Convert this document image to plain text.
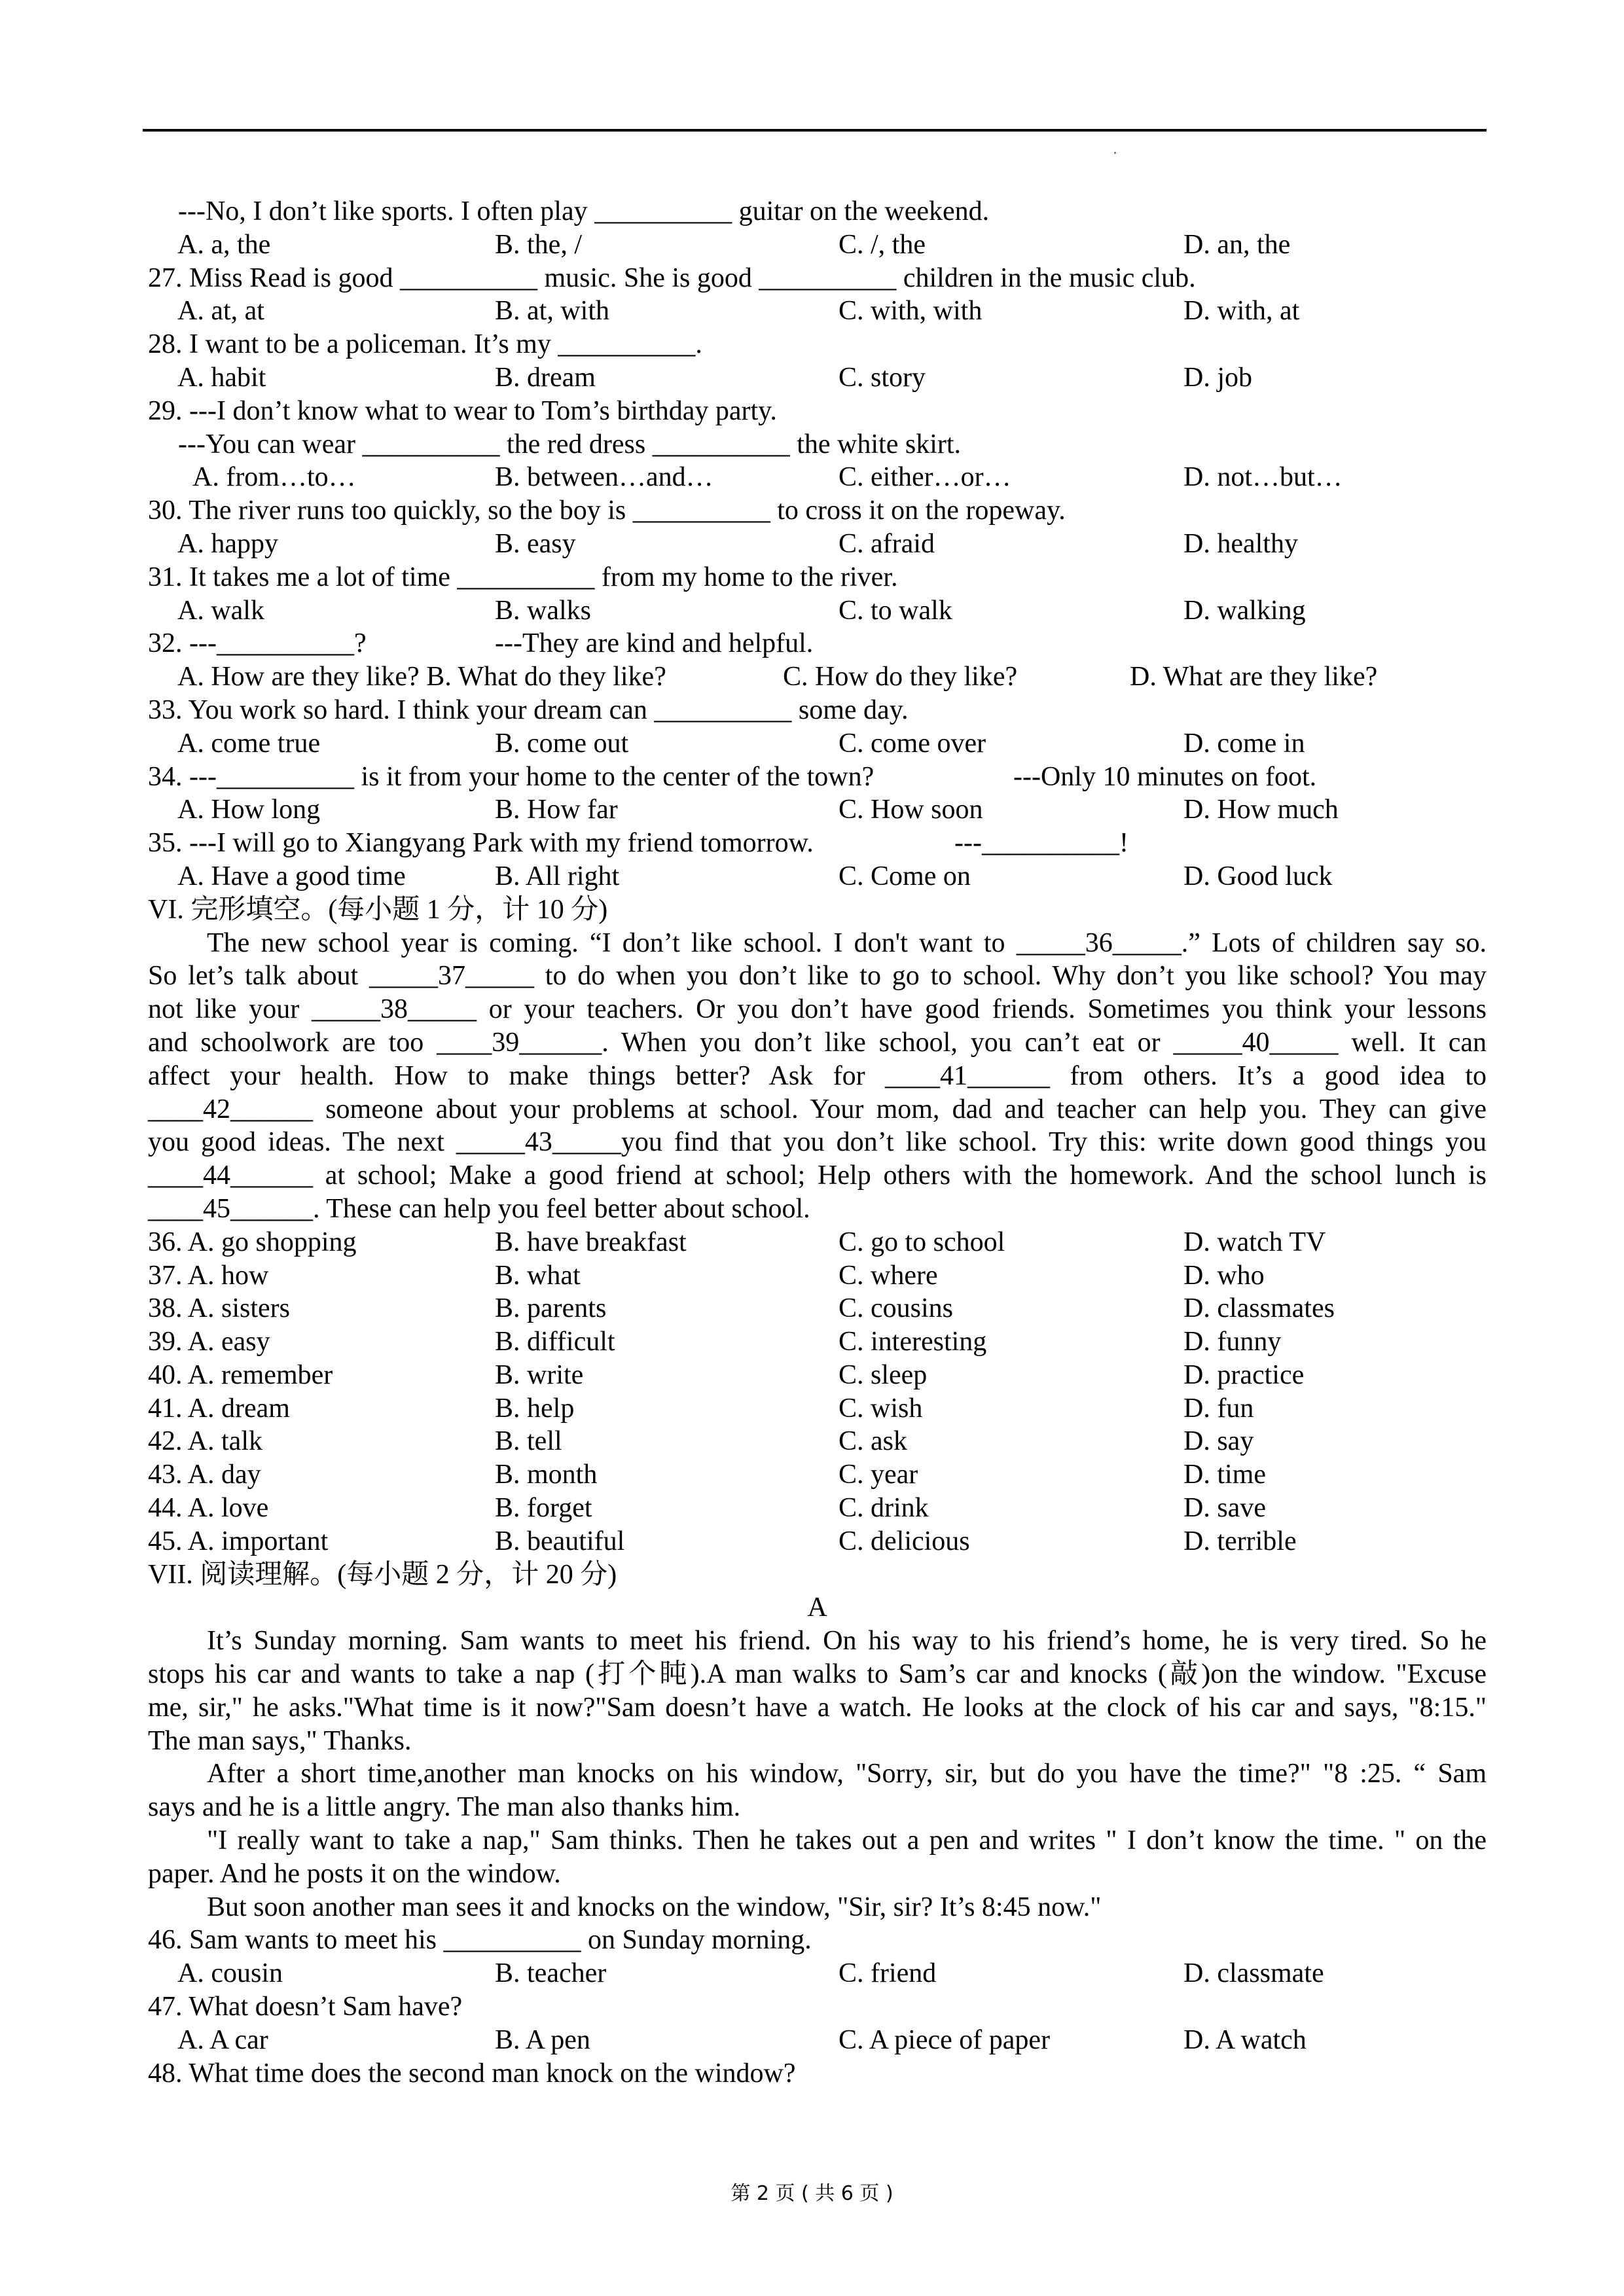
---No, I don’t like sports. I often play __________ guitar on the weekend.
A. a, the	B. the, /	C. /, the	D. an, the
27. Miss Read is good __________ music. She is good __________ children in the music club.
A. at, at	B. at, with	C. with, with	D. with, at
28. I want to be a policeman. It’s my __________.
A. habit	B. dream	C. story	D. job
29. ---I don’t know what to wear to Tom’s birthday party.
---You can wear __________ the red dress __________ the white skirt.
A. from…to…	B. between…and…	C. either…or…	D. not…but…
30. The river runs too quickly, so the boy is __________ to cross it on the ropeway.
A. happy	B. easy	C. afraid	D. healthy
31. It takes me a lot of time __________ from my home to the river.
A. walk	B. walks	C. to walk	D. walking
32. ---__________?	---They are kind and helpful.
A. How are they like? B. What do they like?	C. How do they like?	D. What are they like?
33. You work so hard. I think your dream can __________ some day.
A. come true	B. come out	C. come over	D. come in
34. ---__________ is it from your home to the center of the town?	---Only 10 minutes on foot.
A. How long	B. How far	C. How soon	D. How much
35. ---I will go to Xiangyang Park with my friend tomorrow.	---__________!
A. Have a good time	B. All right	C. Come on	D. Good luck
VI. 完形填空。(每小题 1 分，计 10 分)
The new school year is coming. “I don’t like school. I don't want to _____36_____.” Lots of children say so.
So let’s talk about _____37_____ to do when you don’t like to go to school. Why don’t you like school? You may
not like your _____38_____ or your teachers. Or you don’t have good friends. Sometimes you think your lessons
and schoolwork are too ____39______. When you don’t like school, you can’t eat or _____40_____ well. It can
affect your health. How to make things better? Ask for ____41______ from others. It’s a good idea to
____42______ someone about your problems at school. Your mom, dad and teacher can help you. They can give
you good ideas. The next _____43_____you find that you don’t like school. Try this: write down good things you
____44______ at school; Make a good friend at school; Help others with the homework. And the school lunch is
____45______. These can help you feel better about school.
36. A. go shopping	B. have breakfast	C. go to school	D. watch TV
37. A. how	B. what	C. where	D. who
38. A. sisters	B. parents	C. cousins	D. classmates
39. A. easy	B. difficult	C. interesting	D. funny
40. A. remember	B. write	C. sleep	D. practice
41. A. dream	B. help	C. wish	D. fun
42. A. talk	B. tell	C. ask	D. say
43. A. day	B. month	C. year	D. time
44. A. love	B. forget	C. drink	D. save
45. A. important	B. beautiful	C. delicious	D. terrible
VII. 阅读理解。(每小题 2 分，计 20 分)
A
It’s Sunday morning. Sam wants to meet his friend. On his way to his friend’s home, he is very tired. So he
stops his car and wants to take a nap (打个盹).A man walks to Sam’s car and knocks (敲)on the window. "Excuse
me, sir," he asks."What time is it now?"Sam doesn’t have a watch. He looks at the clock of his car and says, "8:15."
The man says," Thanks.
After a short time,another man knocks on his window, "Sorry, sir, but do you have the time?" "8 :25. “ Sam
says and he is a little angry. The man also thanks him.
"I really want to take a nap," Sam thinks. Then he takes out a pen and writes " I don’t know the time. " on the
paper. And he posts it on the window.
But soon another man sees it and knocks on the window, "Sir, sir? It’s 8:45 now."
46. Sam wants to meet his __________ on Sunday morning.
A. cousin	B. teacher	C. friend	D. classmate
47. What doesn’t Sam have?
A. A car	B. A pen	C. A piece of paper	D. A watch
48. What time does the second man knock on the window?
第 2 页 ( 共 6 页 )
